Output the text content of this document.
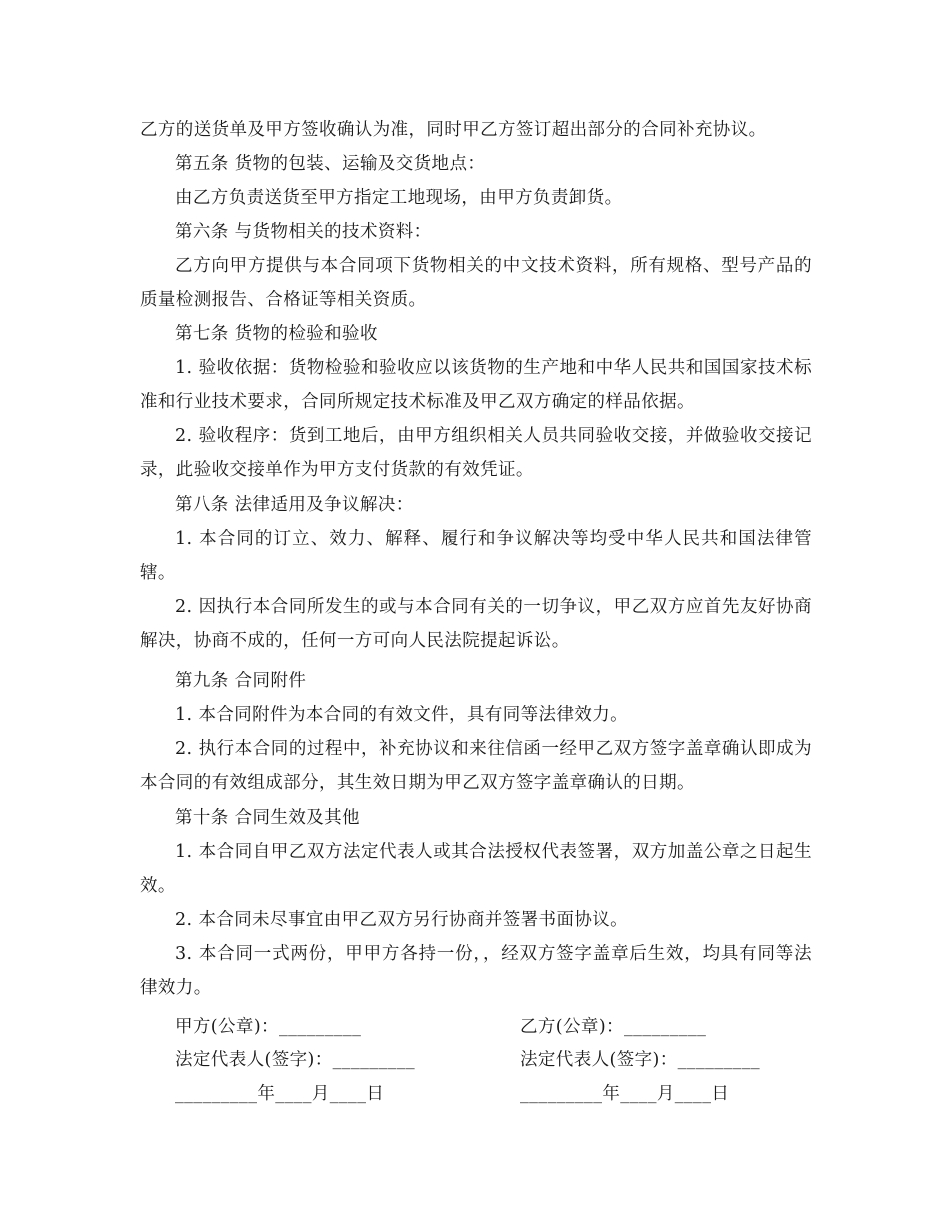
乙方的送货单及甲方签收确认为准，同时甲乙方签订超出部分的合同补充协议。

第五条 货物的包装、运输及交货地点：

由乙方负责送货至甲方指定工地现场，由甲方负责卸货。

第六条 与货物相关的技术资料：

乙方向甲方提供与本合同项下货物相关的中文技术资料，所有规格、型号产品的质量检测报告、合格证等相关资质。

第七条 货物的检验和验收

1. 验收依据：货物检验和验收应以该货物的生产地和中华人民共和国国家技术标准和行业技术要求，合同所规定技术标准及甲乙双方确定的样品依据。

2. 验收程序：货到工地后，由甲方组织相关人员共同验收交接，并做验收交接记录，此验收交接单作为甲方支付货款的有效凭证。

第八条 法律适用及争议解决：

1. 本合同的订立、效力、解释、履行和争议解决等均受中华人民共和国法律管辖。

2. 因执行本合同所发生的或与本合同有关的一切争议，甲乙双方应首先友好协商解决，协商不成的，任何一方可向人民法院提起诉讼。

第九条 合同附件

1. 本合同附件为本合同的有效文件，具有同等法律效力。

2. 执行本合同的过程中，补充协议和来往信函一经甲乙双方签字盖章确认即成为本合同的有效组成部分，其生效日期为甲乙双方签字盖章确认的日期。

第十条 合同生效及其他

1. 本合同自甲乙双方法定代表人或其合法授权代表签署，双方加盖公章之日起生效。

2. 本合同未尽事宜由甲乙双方另行协商并签署书面协议。

3. 本合同一式两份，甲甲方各持一份，，经双方签字盖章后生效，均具有同等法律效力。

甲方(公章)：_________	乙方(公章)：_________
法定代表人(签字)：_________	法定代表人(签字)：_________
_________年____月____日	_________年____月____日
